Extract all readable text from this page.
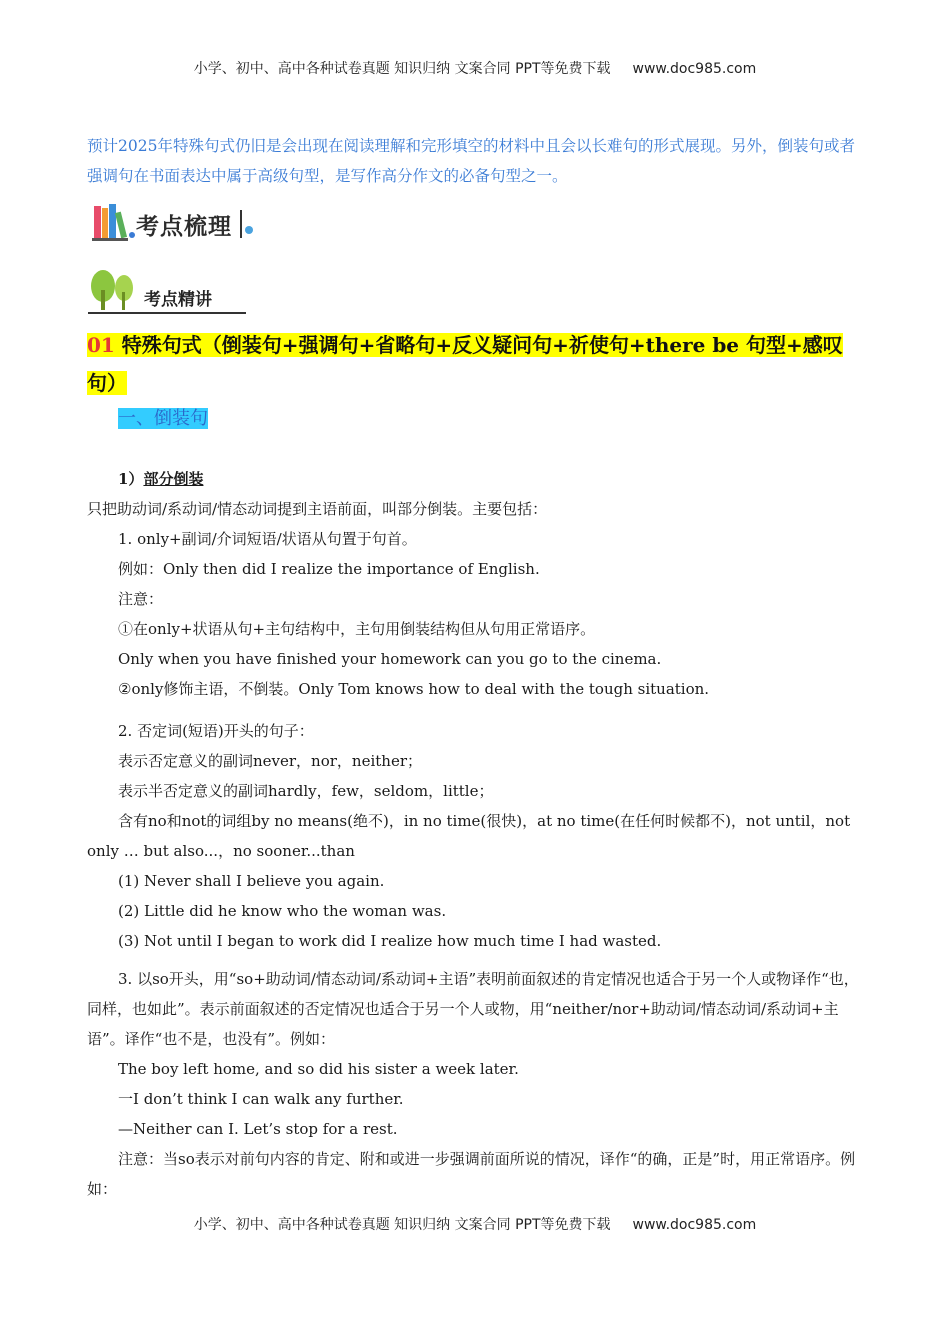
小学、初中、高中各种试卷真题 知识归纳 文案合同 PPT等免费下载 www.doc985.com
预计2025年特殊句式仍旧是会出现在阅读理解和完形填空的材料中且会以长难句的形式展现。另外，倒装句或者强调句在书面表达中属于高级句型，是写作高分作文的必备句型之一。
考点梳理
考点精讲
01 特殊句式（倒装句+强调句+省略句+反义疑问句+祈使句+there be 句型+感叹句）
一、倒装句

1）部分倒装

只把助动词/系动词/情态动词提到主语前面，叫部分倒装。主要包括：

1. only+副词/介词短语/状语从句置于句首。

例如：Only then did I realize the importance of English.

注意：

①在only+状语从句+主句结构中，主句用倒装结构但从句用正常语序。

Only when you have finished your homework can you go to the cinema.

②only修饰主语，不倒装。Only Tom knows how to deal with the tough situation.

2. 否定词(短语)开头的句子：

表示否定意义的副词never，nor，neither；

表示半否定意义的副词hardly，few，seldom，little；

含有no和not的词组by no means(绝不)，in no time(很快)，at no time(在任何时候都不)，not until，not only … but also...，no sooner...than

(1) Never shall I believe you again.

(2) Little did he know who the woman was.

(3) Not until I began to work did I realize how much time I had wasted.

3. 以so开头，用“so+助动词/情态动词/系动词+主语”表明前面叙述的肯定情况也适合于另一个人或物译作“也，同样，也如此”。表示前面叙述的否定情况也适合于另一个人或物，用“neither/nor+助动词/情态动词/系动词+主语”。译作“也不是，也没有”。例如：

The boy left home, and so did his sister a week later.

一I don’t think I can walk any further.

—Neither can I. Let’s stop for a rest.

注意：当so表示对前句内容的肯定、附和或进一步强调前面所说的情况，译作“的确，正是”时，用正常语序。例如：

小学、初中、高中各种试卷真题 知识归纳 文案合同 PPT等免费下载 www.doc985.com
